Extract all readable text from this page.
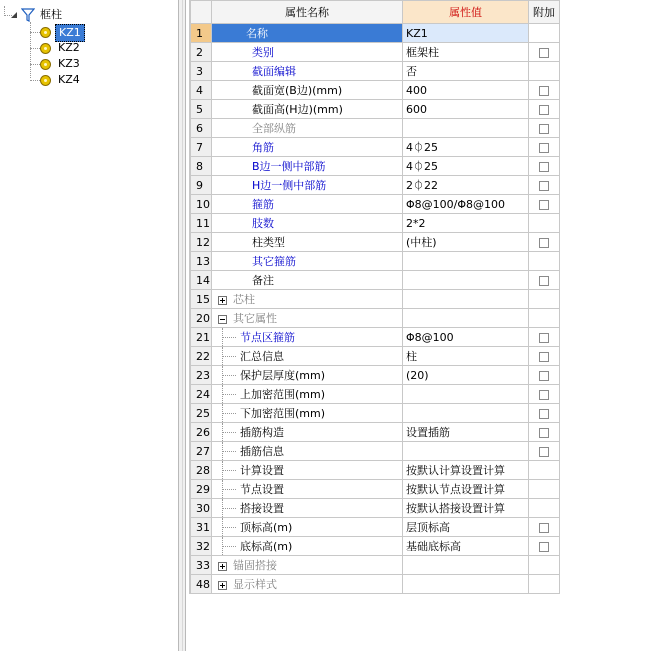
框柱
KZ1
KZ2
KZ3
KZ4
	属性名称	属性值	附加
1	名称	KZ1	
2	类别	框架柱	
3	截面编辑	否	
4	截面宽(B边)(mm)	400	
5	截面高(H边)(mm)	600	
6	全部纵筋		
7	角筋	4⏀25	
8	B边一侧中部筋	4⏀25	
9	H边一侧中部筋	2⏀22	
10	箍筋	Φ8@100/Φ8@100	
11	肢数	2*2	
12	柱类型	(中柱)	
13	其它箍筋		
14	备注		
15	芯柱		
20	其它属性		
21	节点区箍筋	Φ8@100	
22	汇总信息	柱	
23	保护层厚度(mm)	(20)	
24	上加密范围(mm)		
25	下加密范围(mm)		
26	插筋构造	设置插筋	
27	插筋信息		
28	计算设置	按默认计算设置计算	
29	节点设置	按默认节点设置计算	
30	搭接设置	按默认搭接设置计算	
31	顶标高(m)	层顶标高	
32	底标高(m)	基础底标高	
33	锚固搭接		
48	显示样式		
